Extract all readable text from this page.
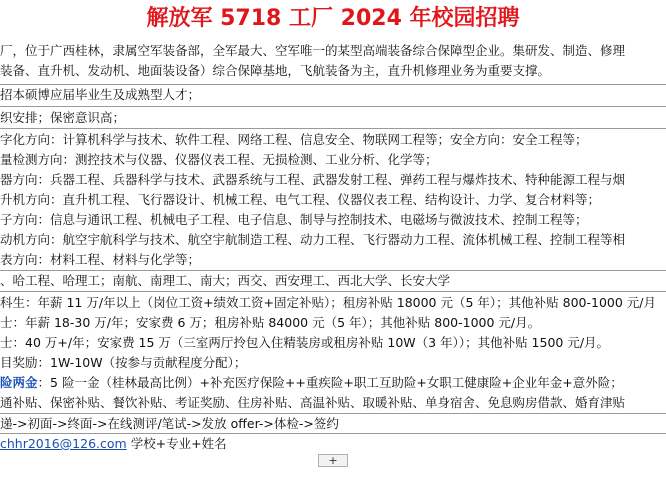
解放军 5718 工厂 2024 年校园招聘
厂，位于广西桂林，隶属空军装备部，全军最大、空军唯一的某型高端装备综合保障型企业。集研发、制造、修理
装备、直升机、发动机、地面装设备）综合保障基地，飞航装备为主，直升机修理业务为重要支撑。
招本硕博应届毕业生及成熟型人才；
织安排；保密意识高；
字化方向：计算机科学与技术、软件工程、网络工程、信息安全、物联网工程等；安全方向：安全工程等；
量检测方向：测控技术与仪器、仪器仪表工程、无损检测、工业分析、化学等；
器方向：兵器工程、兵器科学与技术、武器系统与工程、武器发射工程、弹药工程与爆炸技术、特种能源工程与烟
升机方向：直升机工程、飞行器设计、机械工程、电气工程、仪器仪表工程、结构设计、力学、复合材料等；
子方向：信息与通讯工程、机械电子工程、电子信息、制导与控制技术、电磁场与微波技术、控制工程等；
动机方向：航空宇航科学与技术、航空宇航制造工程、动力工程、飞行器动力工程、流体机械工程、控制工程等相
表方向：材料工程、材料与化学等；
、哈工程、哈理工；南航、南理工、南大；西交、西安理工、西北大学、长安大学
科生：年薪 11 万/年以上（岗位工资+绩效工资+固定补贴）；租房补贴 18000 元（5 年）；其他补贴 800-1000 元/月
士：年薪 18-30 万/年；安家费 6 万；租房补贴 84000 元（5 年）；其他补贴 800-1000 元/月。
士：40 万+/年；安家费 15 万（三室两厅拎包入住精装房或租房补贴 10W（3 年））；其他补贴 1500 元/月。
目奖励：1W-10W（按参与贡献程度分配）；
险两金：5 险一金（桂林最高比例）+补充医疗保险++重疾险+职工互助险+女职工健康险+企业年金+意外险；
通补贴、保密补贴、餐饮补贴、考证奖励、住房补贴、高温补贴、取暖补贴、单身宿舍、免息购房借款、婚育津贴
递->初面->终面->在线测评/笔试->发放 offer->体检->签约
chhr2016@126.com 学校+专业+姓名
+
